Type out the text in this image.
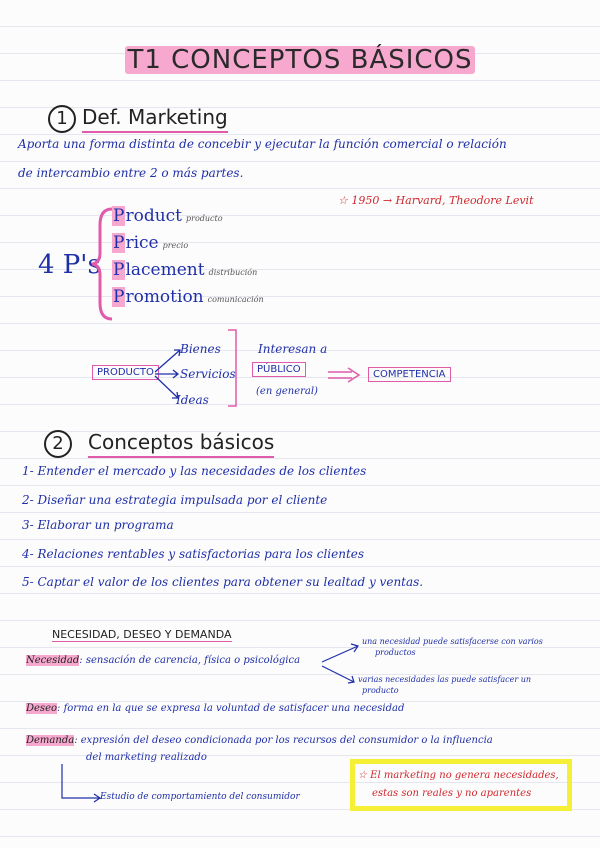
T1 CONCEPTOS BÁSICOS
1 Def. Marketing
Aporta una forma distinta de concebir y ejecutar la función comercial o relación
de intercambio entre 2 o más partes.
☆ 1950 → Harvard, Theodore Levit
4 P's
Product producto
Price precio
Placement distribución
Promotion comunicación
PRODUCTO
Bienes
Servicios
Ideas
Interesan a
PÚBLICO
(en general)
COMPETENCIA
2	Conceptos básicos
1- Entender el mercado y las necesidades de los clientes
2- Diseñar una estrategia impulsada por el cliente
3- Elaborar un programa
4- Relaciones rentables y satisfactorias para los clientes
5- Captar el valor de los clientes para obtener su lealtad y ventas.
NECESIDAD, DESEO Y DEMANDA
Necesidad: sensación de carencia, física o psicológica
una necesidad puede satisfacerse con varios
productos
varias necesidades las puede satisfacer un
producto
Deseo: forma en la que se expresa la voluntad de satisfacer una necesidad
Demanda: expresión del deseo condicionada por los recursos del consumidor o la influencia
del marketing realizado
Estudio de comportamiento del consumidor
☆ El marketing no genera necesidades,
estas son reales y no aparentes
